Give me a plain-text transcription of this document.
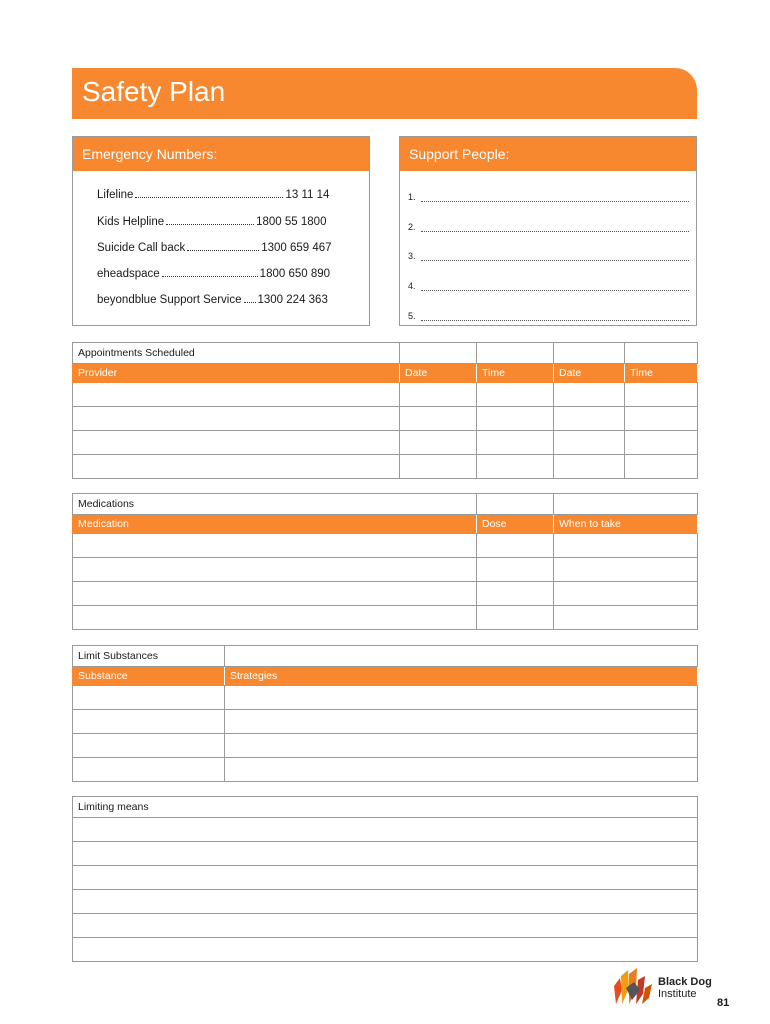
Safety Plan
Emergency Numbers:
Lifeline	13 11 14
Kids Helpline	1800 55 1800
Suicide Call back	1300 659 467
eheadspace	1800 650 890
beyondblue Support Service 1300 224 363
Support People:
1.
2.
3.
4.
5.
Appointments Scheduled				
Provider	Date	Time	Date	Time

Medications		
Medication	Dose	When to take

Limit Substances	
Substance	Strategies

Limiting means

Black Dog
Institute
81
